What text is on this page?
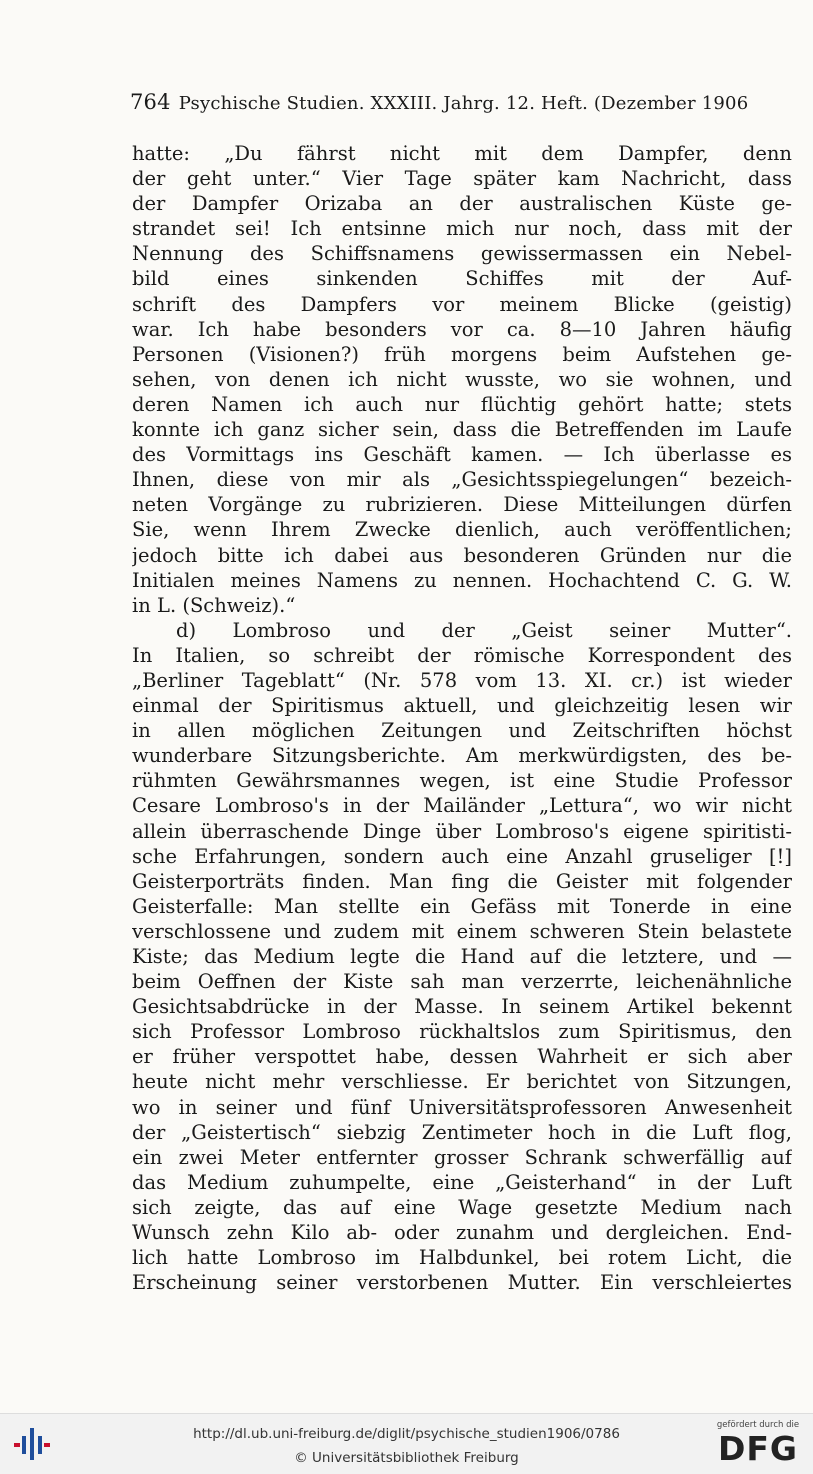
764 Psychische Studien. XXXIII. Jahrg. 12. Heft. (Dezember 1906
hatte: „Du fährst nicht mit dem Dampfer, denn
der geht unter.“ Vier Tage später kam Nachricht, dass
der Dampfer Orizaba an der australischen Küste ge-
strandet sei! Ich entsinne mich nur noch, dass mit der
Nennung des Schiffsnamens gewissermassen ein Nebel-
bild eines sinkenden Schiffes mit der Auf-
schrift des Dampfers vor meinem Blicke (geistig)
war. Ich habe besonders vor ca. 8—10 Jahren häufig
Personen (Visionen?) früh morgens beim Aufstehen ge-
sehen, von denen ich nicht wusste, wo sie wohnen, und
deren Namen ich auch nur flüchtig gehört hatte; stets
konnte ich ganz sicher sein, dass die Betreffenden im Laufe
des Vormittags ins Geschäft kamen. — Ich überlasse es
Ihnen, diese von mir als „Gesichtsspiegelungen“ bezeich-
neten Vorgänge zu rubrizieren. Diese Mitteilungen dürfen
Sie, wenn Ihrem Zwecke dienlich, auch veröffentlichen;
jedoch bitte ich dabei aus besonderen Gründen nur die
Initialen meines Namens zu nennen. Hochachtend C. G. W.
in L. (Schweiz).“
d) Lombroso und der „Geist seiner Mutter“.
In Italien, so schreibt der römische Korrespondent des
„Berliner Tageblatt“ (Nr. 578 vom 13. XI. cr.) ist wieder
einmal der Spiritismus aktuell, und gleichzeitig lesen wir
in allen möglichen Zeitungen und Zeitschriften höchst
wunderbare Sitzungsberichte. Am merkwürdigsten, des be-
rühmten Gewährsmannes wegen, ist eine Studie Professor
Cesare Lombroso's in der Mailänder „Lettura“, wo wir nicht
allein überraschende Dinge über Lombroso's eigene spiritisti-
sche Erfahrungen, sondern auch eine Anzahl gruseliger [!]
Geisterporträts finden. Man fing die Geister mit folgender
Geisterfalle: Man stellte ein Gefäss mit Tonerde in eine
verschlossene und zudem mit einem schweren Stein belastete
Kiste; das Medium legte die Hand auf die letztere, und —
beim Oeffnen der Kiste sah man verzerrte, leichenähnliche
Gesichtsabdrücke in der Masse. In seinem Artikel bekennt
sich Professor Lombroso rückhaltslos zum Spiritismus, den
er früher verspottet habe, dessen Wahrheit er sich aber
heute nicht mehr verschliesse. Er berichtet von Sitzungen,
wo in seiner und fünf Universitätsprofessoren Anwesenheit
der „Geistertisch“ siebzig Zentimeter hoch in die Luft flog,
ein zwei Meter entfernter grosser Schrank schwerfällig auf
das Medium zuhumpelte, eine „Geisterhand“ in der Luft
sich zeigte, das auf eine Wage gesetzte Medium nach
Wunsch zehn Kilo ab- oder zunahm und dergleichen. End-
lich hatte Lombroso im Halbdunkel, bei rotem Licht, die
Erscheinung seiner verstorbenen Mutter. Ein verschleiertes
http://dl.ub.uni-freiburg.de/diglit/psychische_studien1906/0786
© Universitätsbibliothek Freiburg
gefördert durch die
DFG
